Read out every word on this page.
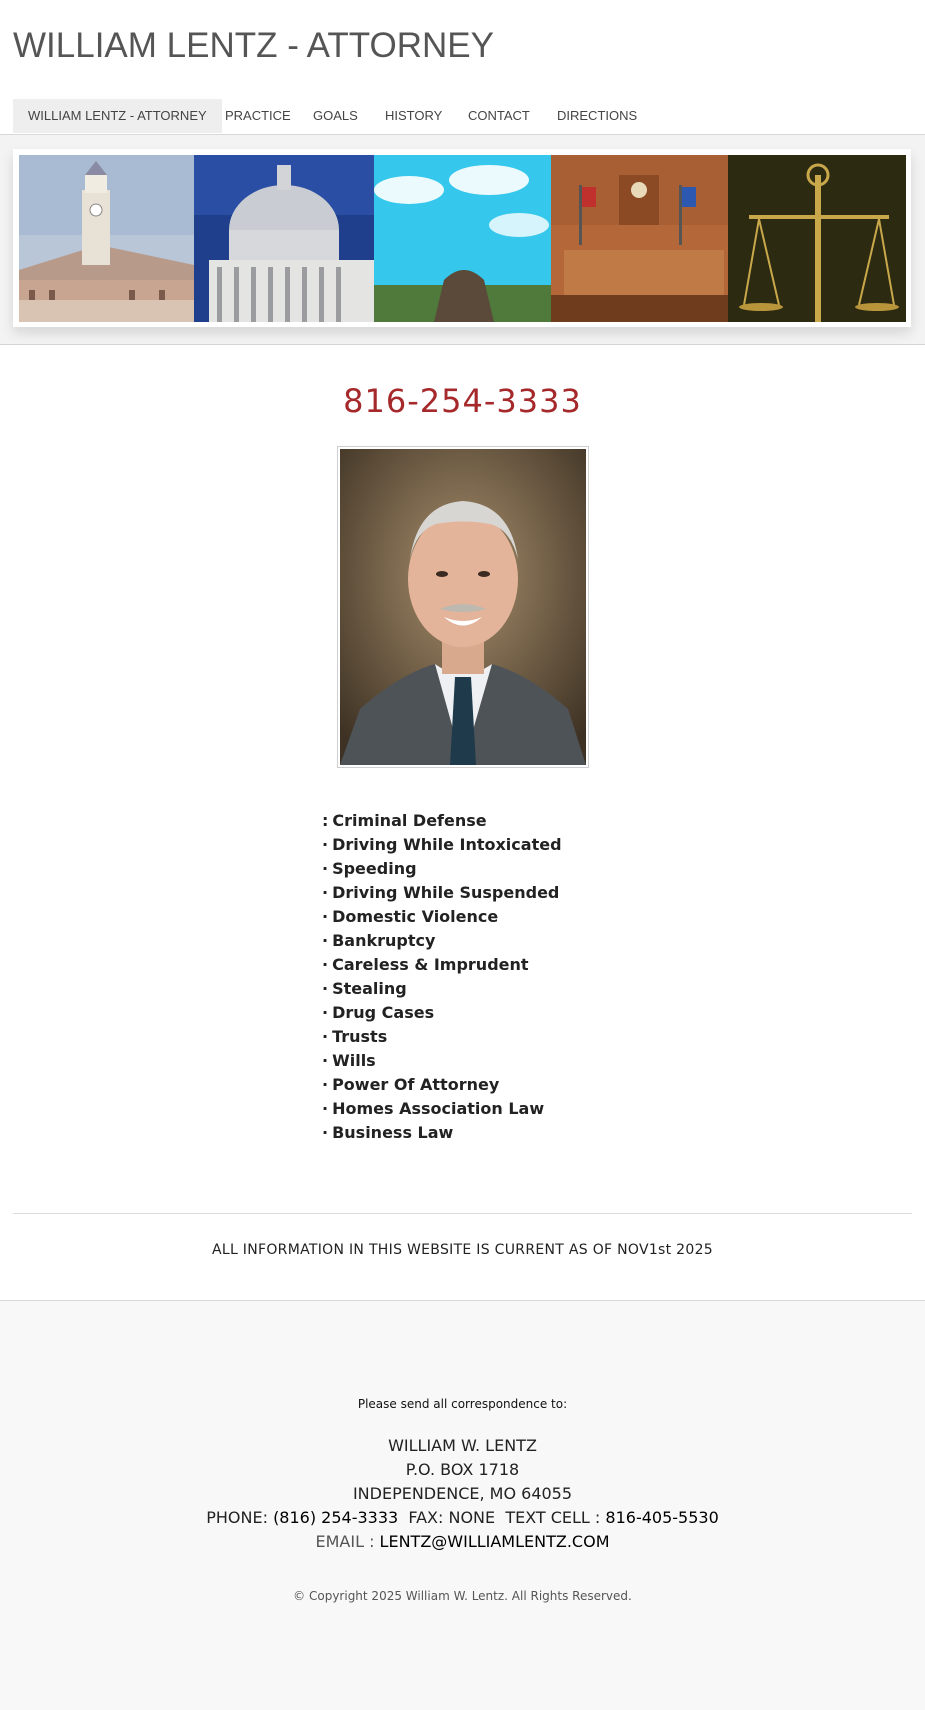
WILLIAM LENTZ - ATTORNEY
WILLIAM LENTZ - ATTORNEY	PRACTICE	GOALS	HISTORY	CONTACT	DIRECTIONS
816-254-3333
: Criminal Defense
· Driving While Intoxicated
· Speeding
· Driving While Suspended
· Domestic Violence
· Bankruptcy
· Careless & Imprudent
· Stealing
· Drug Cases
· Trusts
· Wills
· Power Of Attorney
· Homes Association Law
· Business Law
ALL INFORMATION IN THIS WEBSITE IS CURRENT AS OF NOV1st 2025
Please send all correspondence to:
WILLIAM W. LENTZ
P.O. BOX 1718
INDEPENDENCE, MO 64055
PHONE: (816) 254-3333 FAX: NONE TEXT CELL : 816-405-5530
EMAIL : LENTZ@WILLIAMLENTZ.COM
© Copyright 2025 William W. Lentz. All Rights Reserved.
